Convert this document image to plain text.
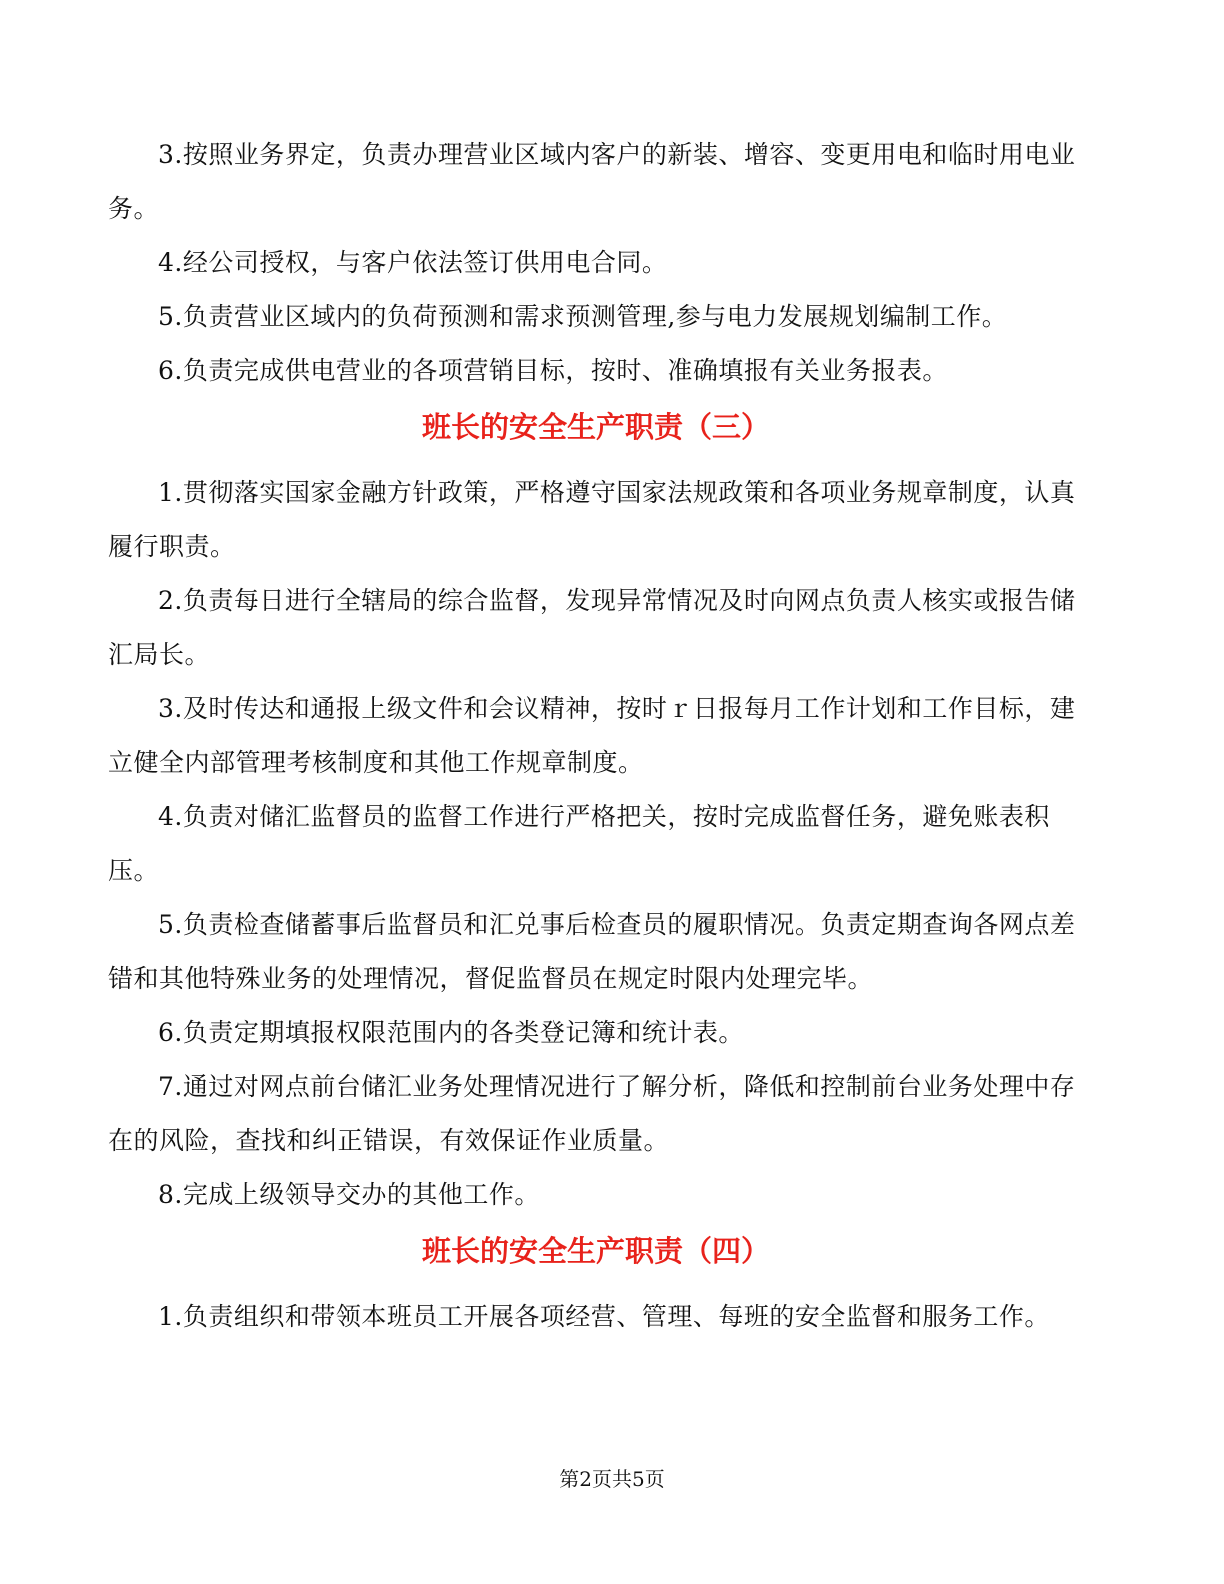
3.按照业务界定，负责办理营业区域内客户的新装、增容、变更用电和临时用电业务。

4.经公司授权，与客户依法签订供用电合同。

5.负责营业区域内的负荷预测和需求预测管理,参与电力发展规划编制工作。

6.负责完成供电营业的各项营销目标，按时、准确填报有关业务报表。

班长的安全生产职责（三）

1.贯彻落实国家金融方针政策，严格遵守国家法规政策和各项业务规章制度，认真履行职责。

2.负责每日进行全辖局的综合监督，发现异常情况及时向网点负责人核实或报告储汇局长。

3.及时传达和通报上级文件和会议精神，按时ｒ日报每月工作计划和工作目标，建立健全内部管理考核制度和其他工作规章制度。

4.负责对储汇监督员的监督工作进行严格把关，按时完成监督任务，避免账表积压。

5.负责检查储蓄事后监督员和汇兑事后检查员的履职情况。负责定期查询各网点差错和其他特殊业务的处理情况，督促监督员在规定时限内处理完毕。

6.负责定期填报权限范围内的各类登记簿和统计表。

7.通过对网点前台储汇业务处理情况进行了解分析，降低和控制前台业务处理中存在的风险，查找和纠正错误，有效保证作业质量。

8.完成上级领导交办的其他工作。

班长的安全生产职责（四）

1.负责组织和带领本班员工开展各项经营、管理、每班的安全监督和服务工作。

第2页共5页
